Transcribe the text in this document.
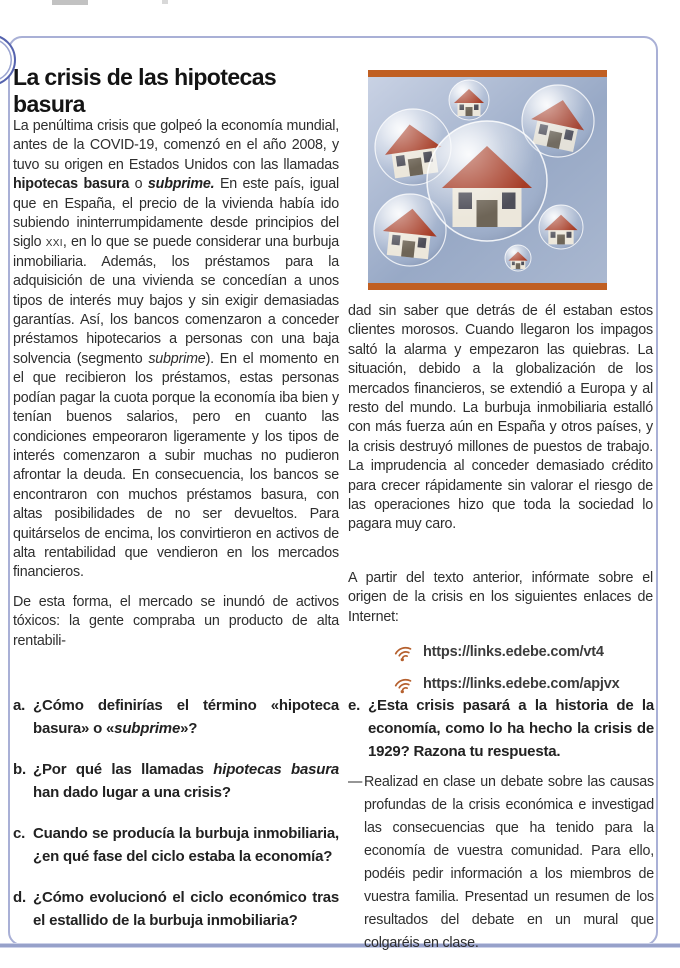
La crisis de las hipotecas basura

La penúltima crisis que golpeó la economía mundial, antes de la COVID-19, comenzó en el año 2008, y tuvo su origen en Estados Unidos con las llamadas hipotecas basura o subprime. En este país, igual que en España, el precio de la vivienda había ido subiendo ininterrumpidamente desde principios del siglo xxi, en lo que se puede considerar una burbuja inmobiliaria. Además, los préstamos para la adquisición de una vivienda se concedían a unos tipos de interés muy bajos y sin exigir demasiadas garantías. Así, los bancos comenzaron a conceder préstamos hipotecarios a personas con una baja solvencia (segmento subprime). En el momento en el que recibieron los préstamos, estas personas podían pagar la cuota porque la economía iba bien y tenían buenos salarios, pero en cuanto las condiciones empeoraron ligeramente y los tipos de interés comenzaron a subir muchas no pudieron afrontar la deuda. En consecuencia, los bancos se encontraron con muchos préstamos basura, con altas posibilidades de no ser devueltos. Para quitárselos de encima, los convirtieron en activos de alta rentabilidad que vendieron en los mercados financieros.

De esta forma, el mercado se inundó de activos tóxicos: la gente compraba un producto de alta rentabili-

dad sin saber que detrás de él estaban estos clientes morosos. Cuando llegaron los impagos saltó la alarma y empezaron las quiebras. La situación, debido a la globalización de los mercados financieros, se extendió a Europa y al resto del mundo. La burbuja inmobiliaria estalló con más fuerza aún en España y otros países, y la crisis destruyó millones de puestos de trabajo. La imprudencia al conceder demasiado crédito para crecer rápidamente sin valorar el riesgo de las operaciones hizo que toda la sociedad lo pagara muy caro.

A partir del texto anterior, infórmate sobre el origen de la crisis en los siguientes enlaces de Internet:

https://links.edebe.com/vt4
https://links.edebe.com/apjvx
a. ¿Cómo definirías el término «hipoteca basura» o «subprime»?
b. ¿Por qué las llamadas hipotecas basura han dado lugar a una crisis?
c. Cuando se producía la burbuja inmobiliaria, ¿en qué fase del ciclo estaba la economía?
d. ¿Cómo evolucionó el ciclo económico tras el estallido de la burbuja inmobiliaria?
e. ¿Esta crisis pasará a la historia de la economía, como lo ha hecho la crisis de 1929? Razona tu respuesta.
— Realizad en clase un debate sobre las causas profundas de la crisis económica e investigad las consecuencias que ha tenido para la economía de vuestra comunidad. Para ello, podéis pedir información a los miembros de vuestra familia. Presentad un resumen de los resultados del debate en un mural que colgaréis en clase.
